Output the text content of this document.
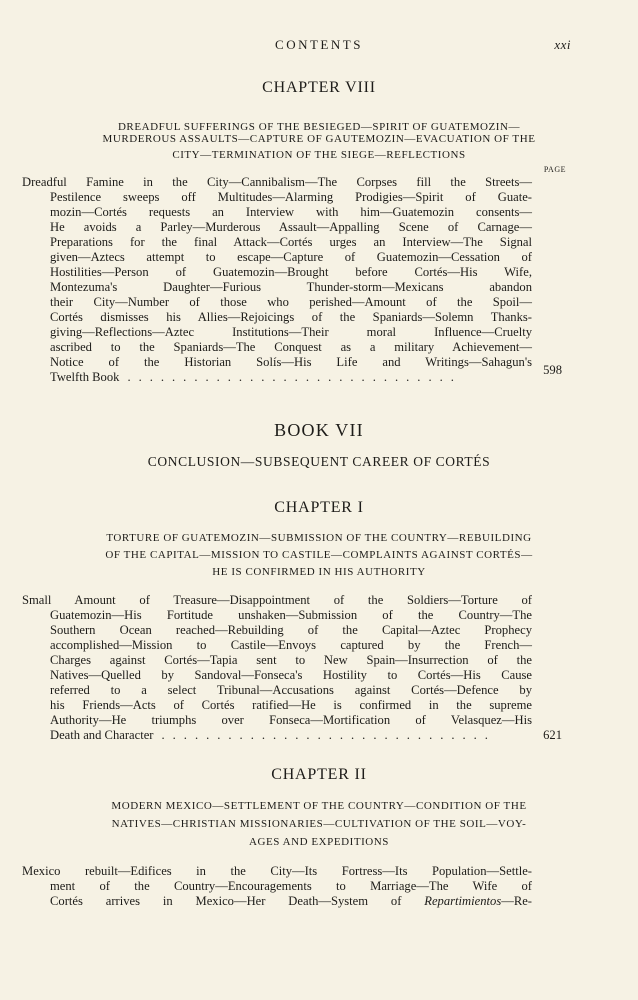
CONTENTS	xxi
CHAPTER VIII
DREADFUL SUFFERINGS OF THE BESIEGED—SPIRIT OF GUATEMOZIN—
MURDEROUS ASSAULTS—CAPTURE OF GAUTEMOZIN—EVACUATION OF THE
CITY—TERMINATION OF THE SIEGE—REFLECTIONS
PAGE
Dreadful Famine in the City—Cannibalism—The Corpses fill the Streets—
Pestilence sweeps off Multitudes—Alarming Prodigies—Spirit of Guate-
mozin—Cortés requests an Interview with him—Guatemozin consents—
He avoids a Parley—Murderous Assault—Appalling Scene of Carnage—
Preparations for the final Attack—Cortés urges an Interview—The Signal
given—Aztecs attempt to escape—Capture of Guatemozin—Cessation of
Hostilities—Person of Guatemozin—Brought before Cortés—His Wife,
Montezuma's Daughter—Furious Thunder-storm—Mexicans abandon
their City—Number of those who perished—Amount of the Spoil—
Cortés dismisses his Allies—Rejoicings of the Spaniards—Solemn Thanks-
giving—Reflections—Aztec Institutions—Their moral Influence—Cruelty
ascribed to the Spaniards—The Conquest as a military Achievement—
Notice of the Historian Solís—His Life and Writings—Sahagun's
Twelfth Book ..............................	598
BOOK VII
CONCLUSION—SUBSEQUENT CAREER OF CORTÉS
CHAPTER I
TORTURE OF GUATEMOZIN—SUBMISSION OF THE COUNTRY—REBUILDING
OF THE CAPITAL—MISSION TO CASTILE—COMPLAINTS AGAINST CORTÉS—
HE IS CONFIRMED IN HIS AUTHORITY
Small Amount of Treasure—Disappointment of the Soldiers—Torture of
Guatemozin—His Fortitude unshaken—Submission of the Country—The
Southern Ocean reached—Rebuilding of the Capital—Aztec Prophecy
accomplished—Mission to Castile—Envoys captured by the French—
Charges against Cortés—Tapia sent to New Spain—Insurrection of the
Natives—Quelled by Sandoval—Fonseca's Hostility to Cortés—His Cause
referred to a select Tribunal—Accusations against Cortés—Defence by
his Friends—Acts of Cortés ratified—He is confirmed in the supreme
Authority—He triumphs over Fonseca—Mortification of Velasquez—His
Death and Character ..............................	621
CHAPTER II
MODERN MEXICO—SETTLEMENT OF THE COUNTRY—CONDITION OF THE
NATIVES—CHRISTIAN MISSIONARIES—CULTIVATION OF THE SOIL—VOY-
AGES AND EXPEDITIONS
Mexico rebuilt—Edifices in the City—Its Fortress—Its Population—Settle-
ment of the Country—Encouragements to Marriage—The Wife of
Cortés arrives in Mexico—Her Death—System of Repartimientos—Re-
